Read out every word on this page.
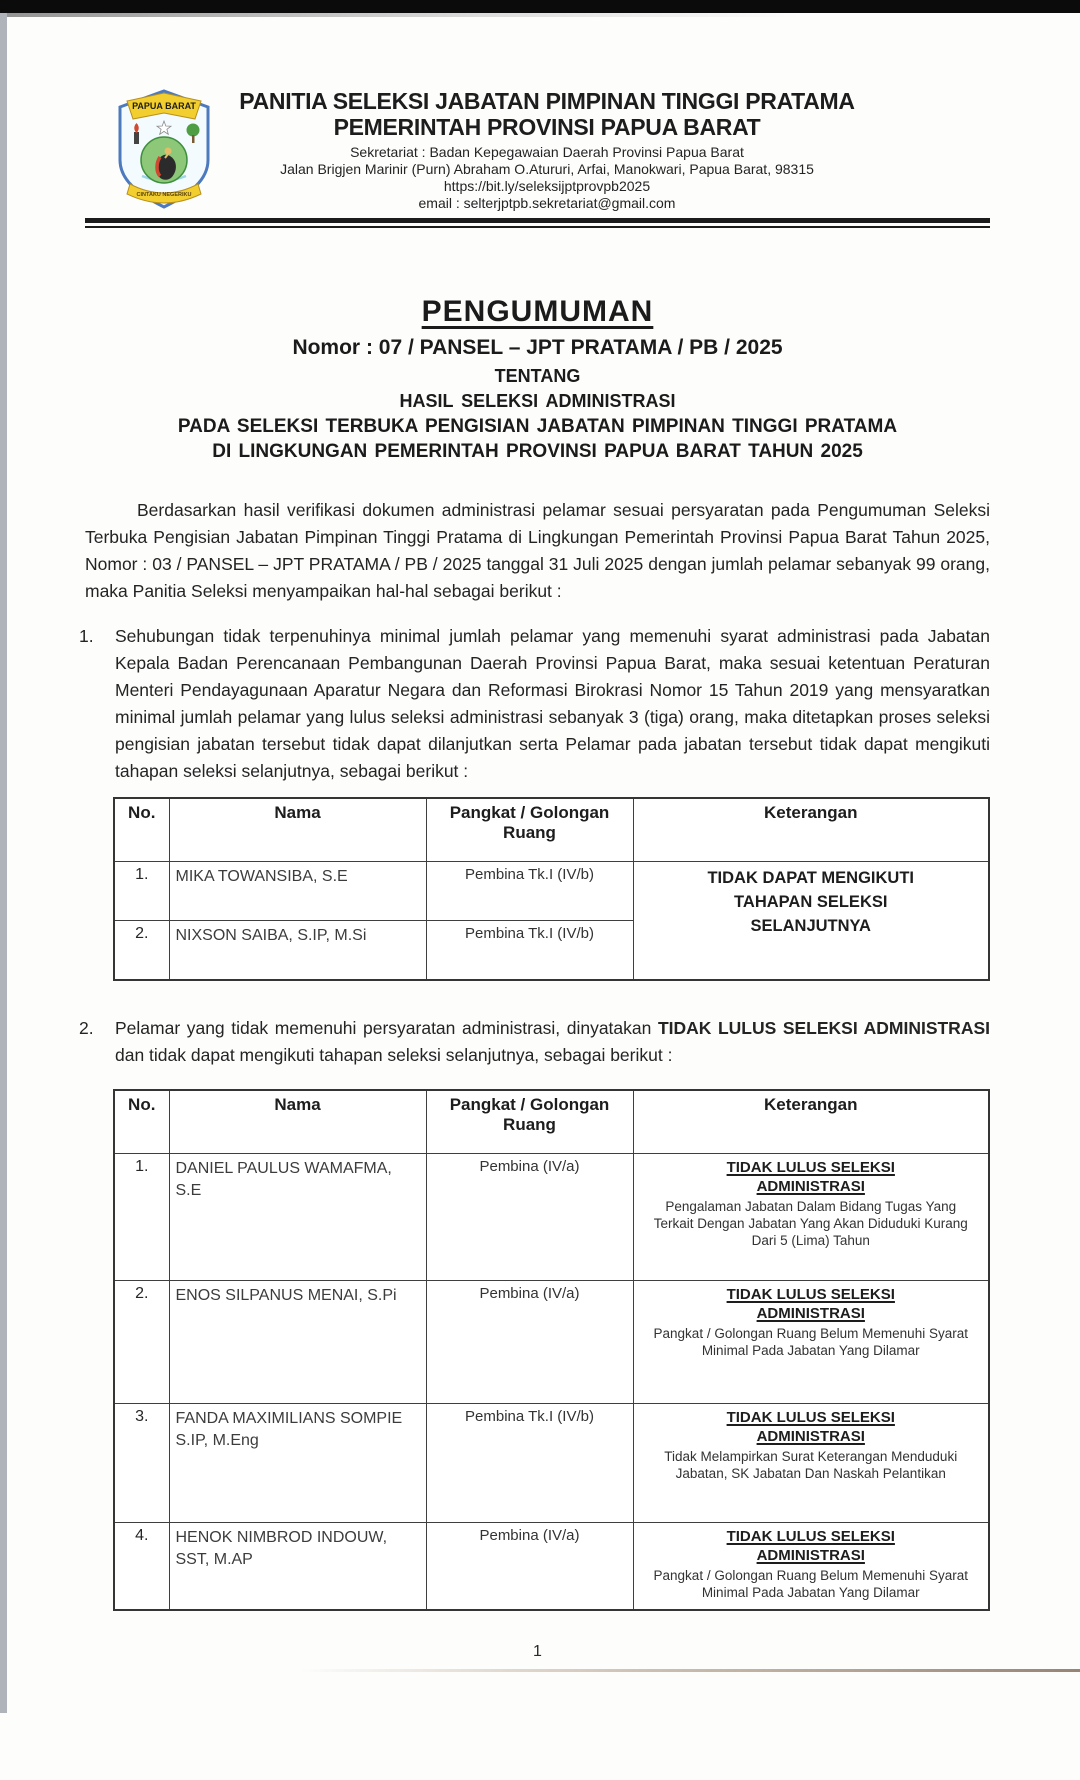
PAPUA BARAT
CINTAKU NEGERIKU
PANITIA SELEKSI JABATAN PIMPINAN TINGGI PRATAMA
PEMERINTAH PROVINSI PAPUA BARAT
Sekretariat : Badan Kepegawaian Daerah Provinsi Papua Barat
Jalan Brigjen Marinir (Purn) Abraham O.Atururi, Arfai, Manokwari, Papua Barat, 98315
https://bit.ly/seleksijptprovpb2025
email : selterjptpb.sekretariat@gmail.com
PENGUMUMAN
Nomor : 07 / PANSEL – JPT PRATAMA / PB / 2025
TENTANG
HASIL SELEKSI ADMINISTRASI
PADA SELEKSI TERBUKA PENGISIAN JABATAN PIMPINAN TINGGI PRATAMA
DI LINGKUNGAN PEMERINTAH PROVINSI PAPUA BARAT TAHUN 2025

Berdasarkan hasil verifikasi dokumen administrasi pelamar sesuai persyaratan pada Pengumuman Seleksi Terbuka Pengisian Jabatan Pimpinan Tinggi Pratama di Lingkungan Pemerintah Provinsi Papua Barat Tahun 2025, Nomor : 03 / PANSEL – JPT PRATAMA / PB / 2025 tanggal 31 Juli 2025 dengan jumlah pelamar sebanyak 99 orang, maka Panitia Seleksi menyampaikan hal-hal sebagai berikut :

1. Sehubungan tidak terpenuhinya minimal jumlah pelamar yang memenuhi syarat administrasi pada Jabatan Kepala Badan Perencanaan Pembangunan Daerah Provinsi Papua Barat, maka sesuai ketentuan Peraturan Menteri Pendayagunaan Aparatur Negara dan Reformasi Birokrasi Nomor 15 Tahun 2019 yang mensyaratkan minimal jumlah pelamar yang lulus seleksi administrasi sebanyak 3 (tiga) orang, maka ditetapkan proses seleksi pengisian jabatan tersebut tidak dapat dilanjutkan serta Pelamar pada jabatan tersebut tidak dapat mengikuti tahapan seleksi selanjutnya, sebagai berikut :
No.	Nama	Pangkat / Golongan Ruang	Keterangan
1.	MIKA TOWANSIBA, S.E	Pembina Tk.I (IV/b)	TIDAK DAPAT MENGIKUTI TAHAPAN SELEKSI SELANJUTNYA

2.	NIXSON SAIBA, S.IP, M.Si	Pembina Tk.I (IV/b)	
2. Pelamar yang tidak memenuhi persyaratan administrasi, dinyatakan TIDAK LULUS SELEKSI ADMINISTRASI dan tidak dapat mengikuti tahapan seleksi selanjutnya, sebagai berikut :
No.	Nama	Pangkat / Golongan Ruang	Keterangan
1.	DANIEL PAULUS WAMAFMA, S.E	Pembina (IV/a)	TIDAK LULUS SELEKSI ADMINISTRASI
Pengalaman Jabatan Dalam Bidang Tugas Yang Terkait Dengan Jabatan Yang Akan Diduduki Kurang Dari 5 (Lima) Tahun

2.	ENOS SILPANUS MENAI, S.Pi	Pembina (IV/a)	TIDAK LULUS SELEKSI ADMINISTRASI
Pangkat / Golongan Ruang Belum Memenuhi Syarat Minimal Pada Jabatan Yang Dilamar

3.	FANDA MAXIMILIANS SOMPIE S.IP, M.Eng	Pembina Tk.I (IV/b)	TIDAK LULUS SELEKSI ADMINISTRASI
Tidak Melampirkan Surat Keterangan Menduduki Jabatan, SK Jabatan Dan Naskah Pelantikan

4.	HENOK NIMBROD INDOUW, SST, M.AP	Pembina (IV/a)	TIDAK LULUS SELEKSI ADMINISTRASI
Pangkat / Golongan Ruang Belum Memenuhi Syarat Minimal Pada Jabatan Yang Dilamar
1
